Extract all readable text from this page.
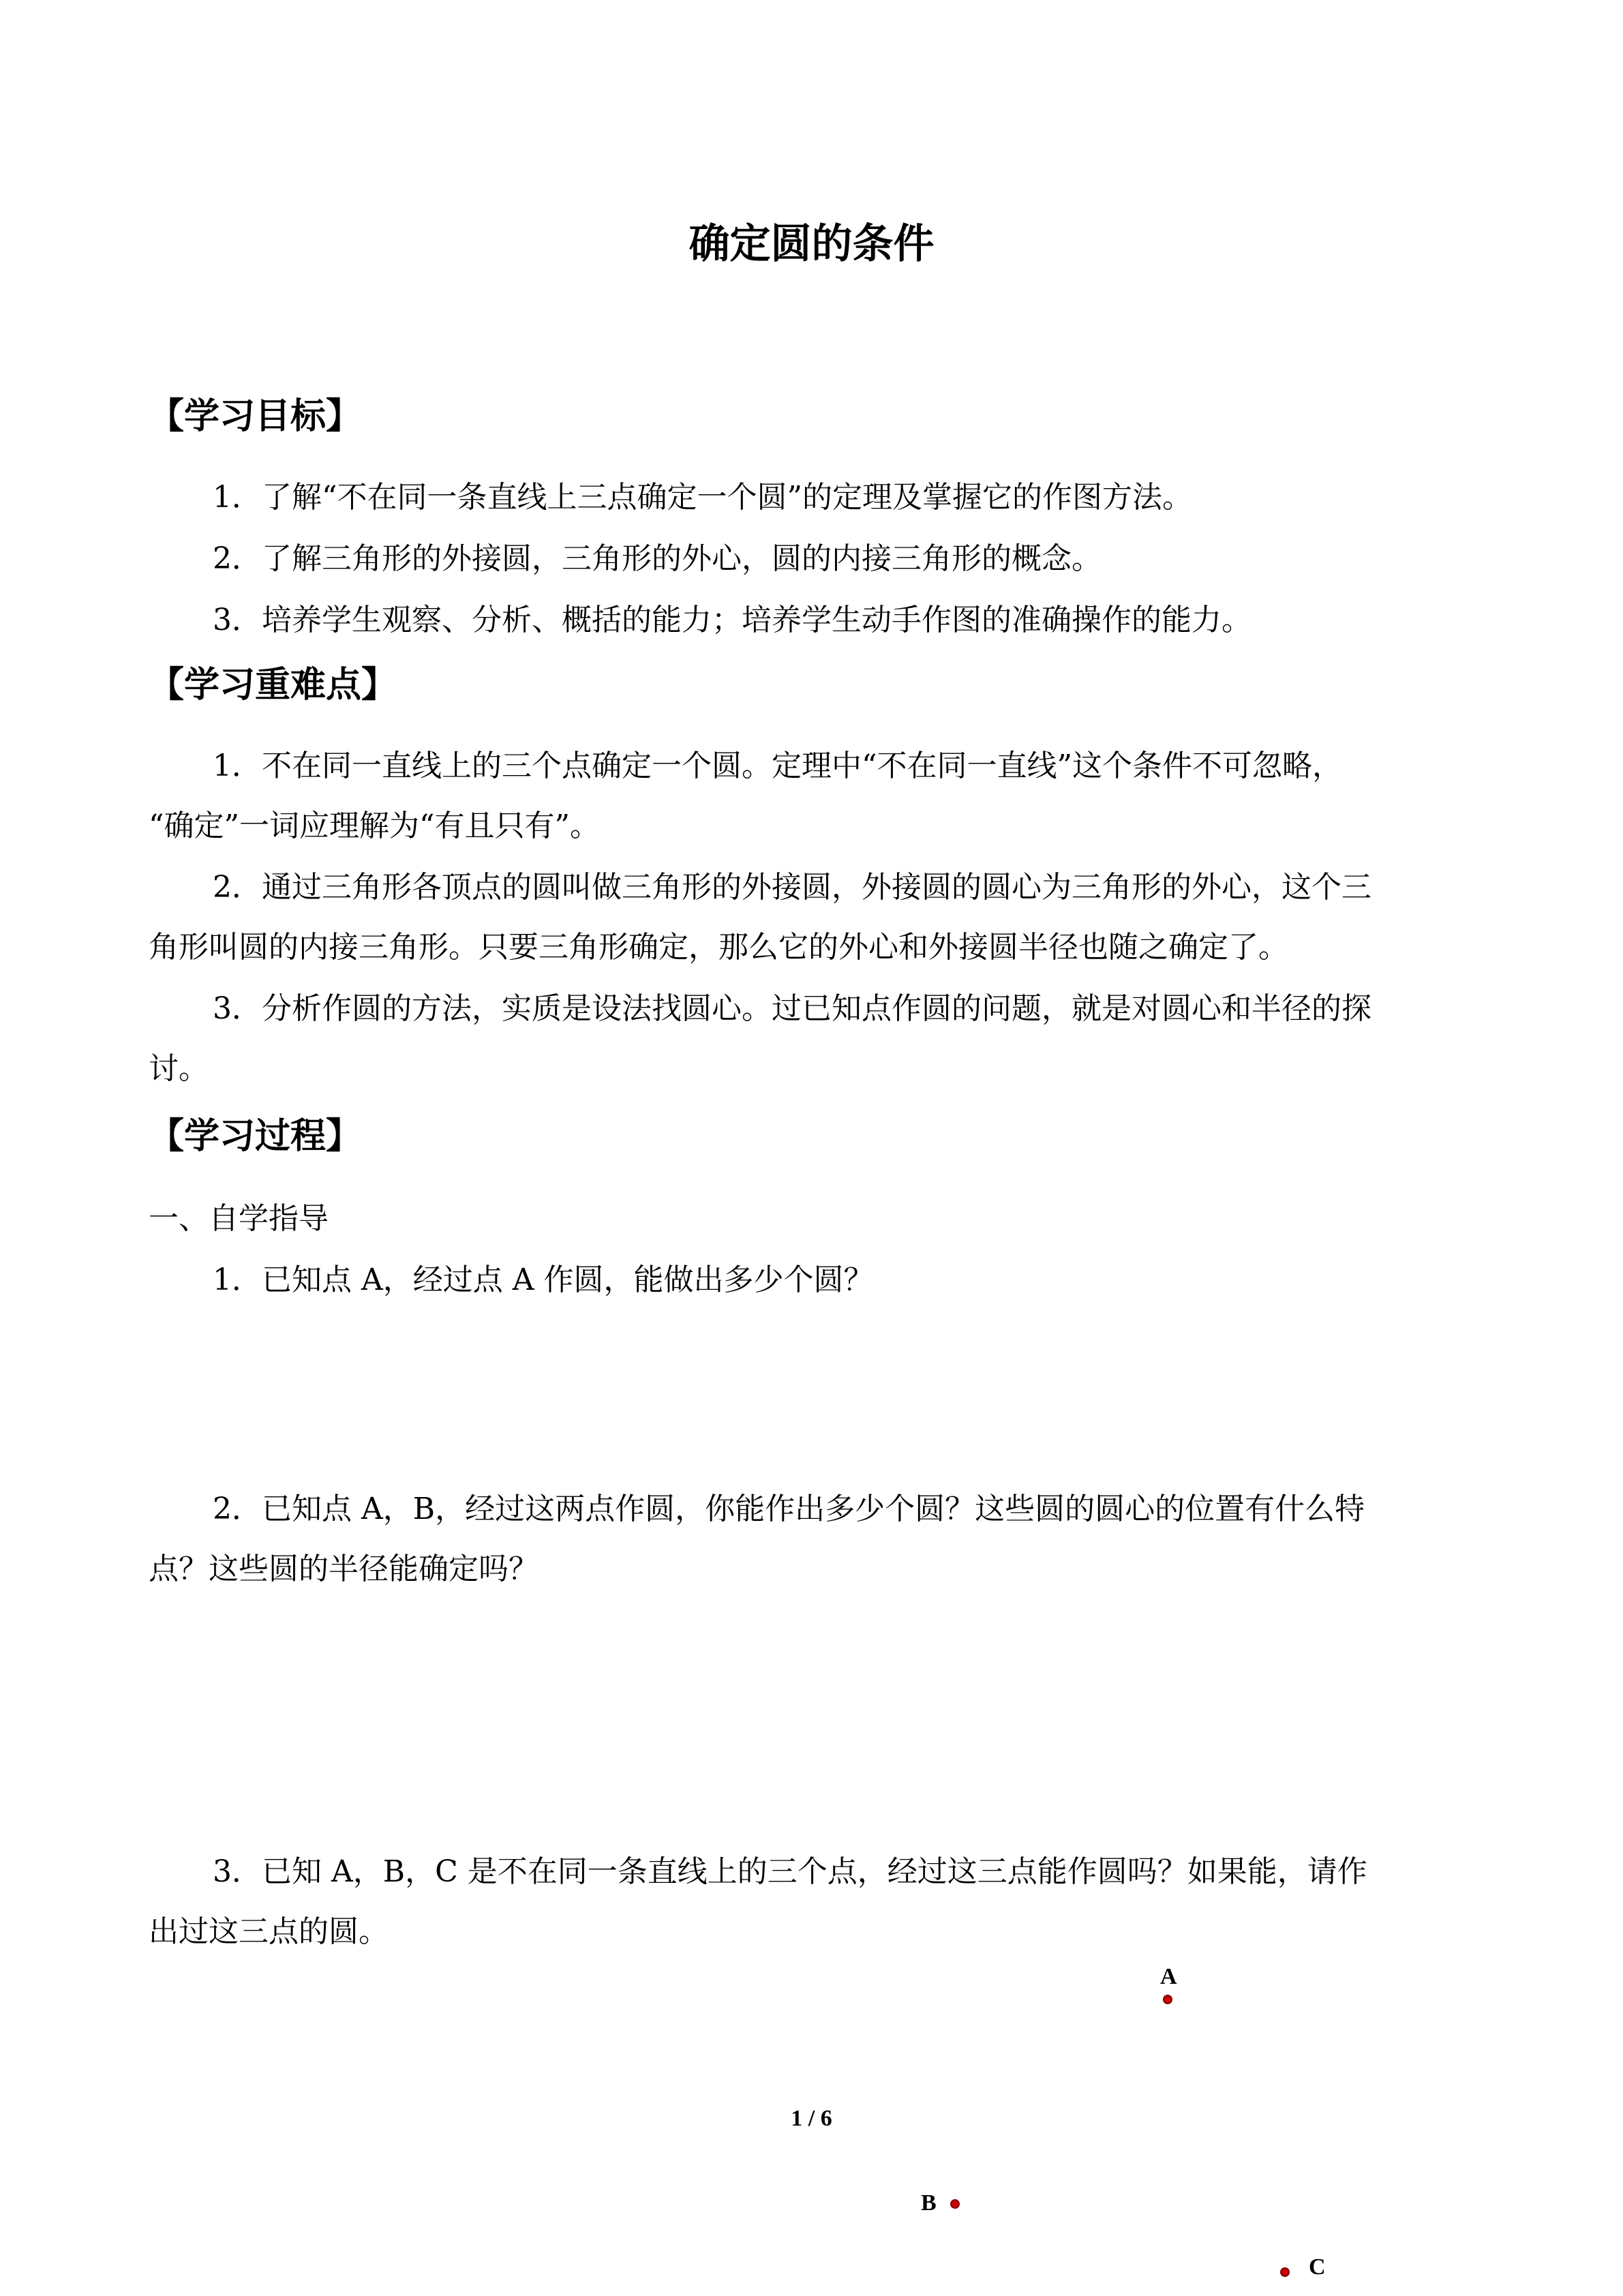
确定圆的条件
【学习目标】
1．了解“不在同一条直线上三点确定一个圆”的定理及掌握它的作图方法。
2．了解三角形的外接圆，三角形的外心，圆的内接三角形的概念。
3．培养学生观察、分析、概括的能力；培养学生动手作图的准确操作的能力。
【学习重难点】
1．不在同一直线上的三个点确定一个圆。定理中“不在同一直线”这个条件不可忽略，
“确定”一词应理解为“有且只有”。
2．通过三角形各顶点的圆叫做三角形的外接圆，外接圆的圆心为三角形的外心，这个三
角形叫圆的内接三角形。只要三角形确定，那么它的外心和外接圆半径也随之确定了。
3．分析作圆的方法，实质是设法找圆心。过已知点作圆的问题，就是对圆心和半径的探
讨。
【学习过程】
一、自学指导
1．已知点 A，经过点 A 作圆，能做出多少个圆？
2．已知点 A，B，经过这两点作圆，你能作出多少个圆？这些圆的圆心的位置有什么特
点？这些圆的半径能确定吗？
3．已知 A，B，C 是不在同一条直线上的三个点，经过这三点能作圆吗？如果能，请作
出过这三点的圆。
A
B
C
1 / 6
